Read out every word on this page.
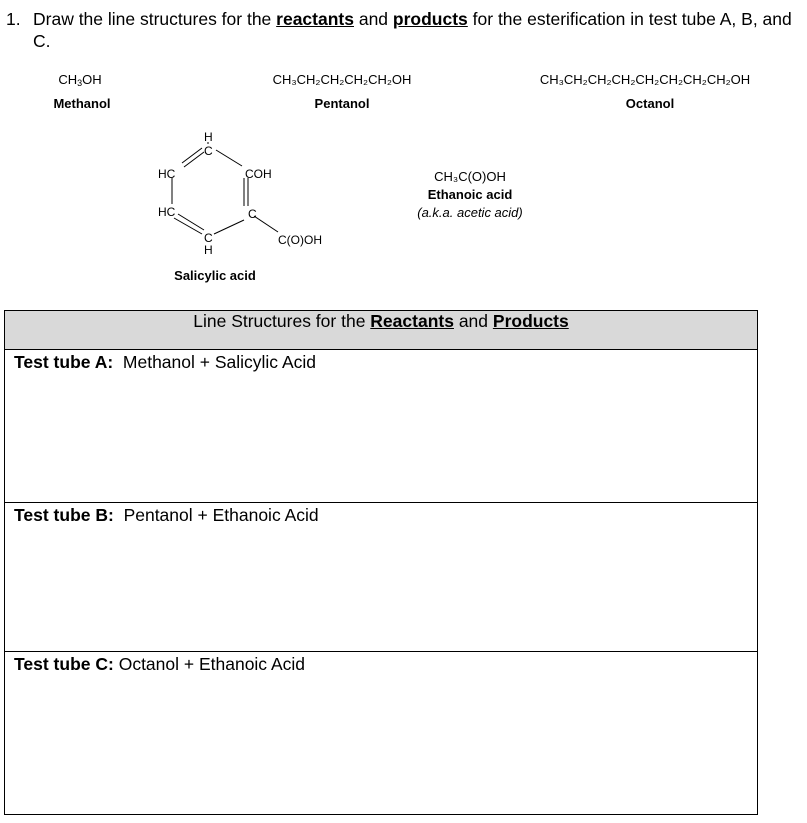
1. Draw the line structures for the reactants and products for the esterification in test tube A, B, and C.
$CH_3OH$
Methanol
CH₃CH₂CH₂CH₂CH₂OH
Pentanol
CH₃CH₂CH₂CH₂CH₂CH₂CH₂CH₂OH
Octanol
H
C
HC	COH
HC	C
C
H
C(O)OH
Salicylic acid
CH₃C(O)OH
Ethanoic acid
(a.k.a. acetic acid)
Line Structures for the Reactants and Products

Test tube A: Methanol + Salicylic Acid

Test tube B: Pentanol + Ethanoic Acid

Test tube C: Octanol + Ethanoic Acid
